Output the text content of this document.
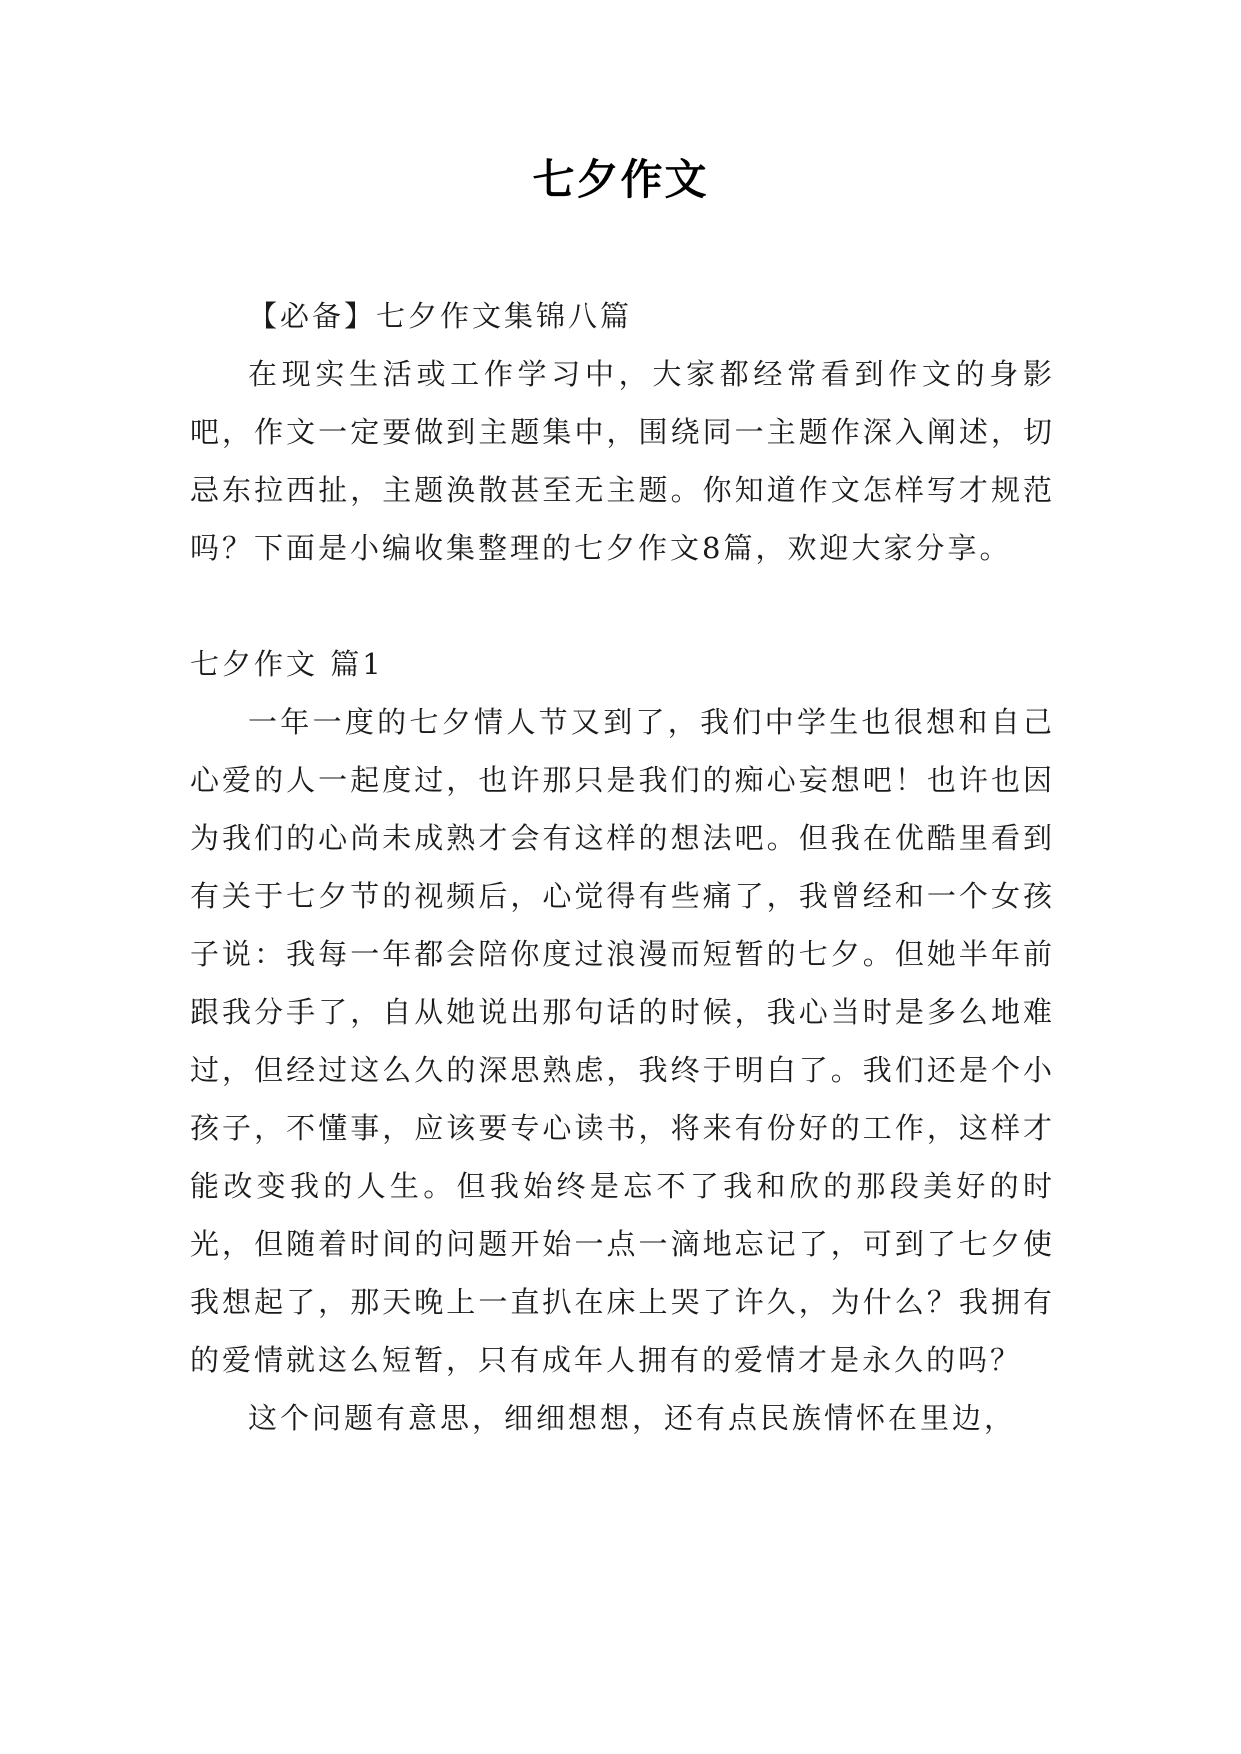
七夕作文

【必备】七夕作文集锦八篇

在现实生活或工作学习中，大家都经常看到作文的身影吧，作文一定要做到主题集中，围绕同一主题作深入阐述，切忌东拉西扯，主题涣散甚至无主题。你知道作文怎样写才规范吗？下面是小编收集整理的七夕作文8篇，欢迎大家分享。

七夕作文 篇1

一年一度的七夕情人节又到了，我们中学生也很想和自己心爱的人一起度过，也许那只是我们的痴心妄想吧！也许也因为我们的心尚未成熟才会有这样的想法吧。但我在优酷里看到有关于七夕节的视频后，心觉得有些痛了，我曾经和一个女孩子说：我每一年都会陪你度过浪漫而短暂的七夕。但她半年前跟我分手了，自从她说出那句话的时候，我心当时是多么地难过，但经过这么久的深思熟虑，我终于明白了。我们还是个小孩子，不懂事，应该要专心读书，将来有份好的工作，这样才能改变我的人生。但我始终是忘不了我和欣的那段美好的时光，但随着时间的问题开始一点一滴地忘记了，可到了七夕使我想起了，那天晚上一直扒在床上哭了许久，为什么？我拥有的爱情就这么短暂，只有成年人拥有的爱情才是永久的吗？

这个问题有意思，细细想想，还有点民族情怀在里边，
